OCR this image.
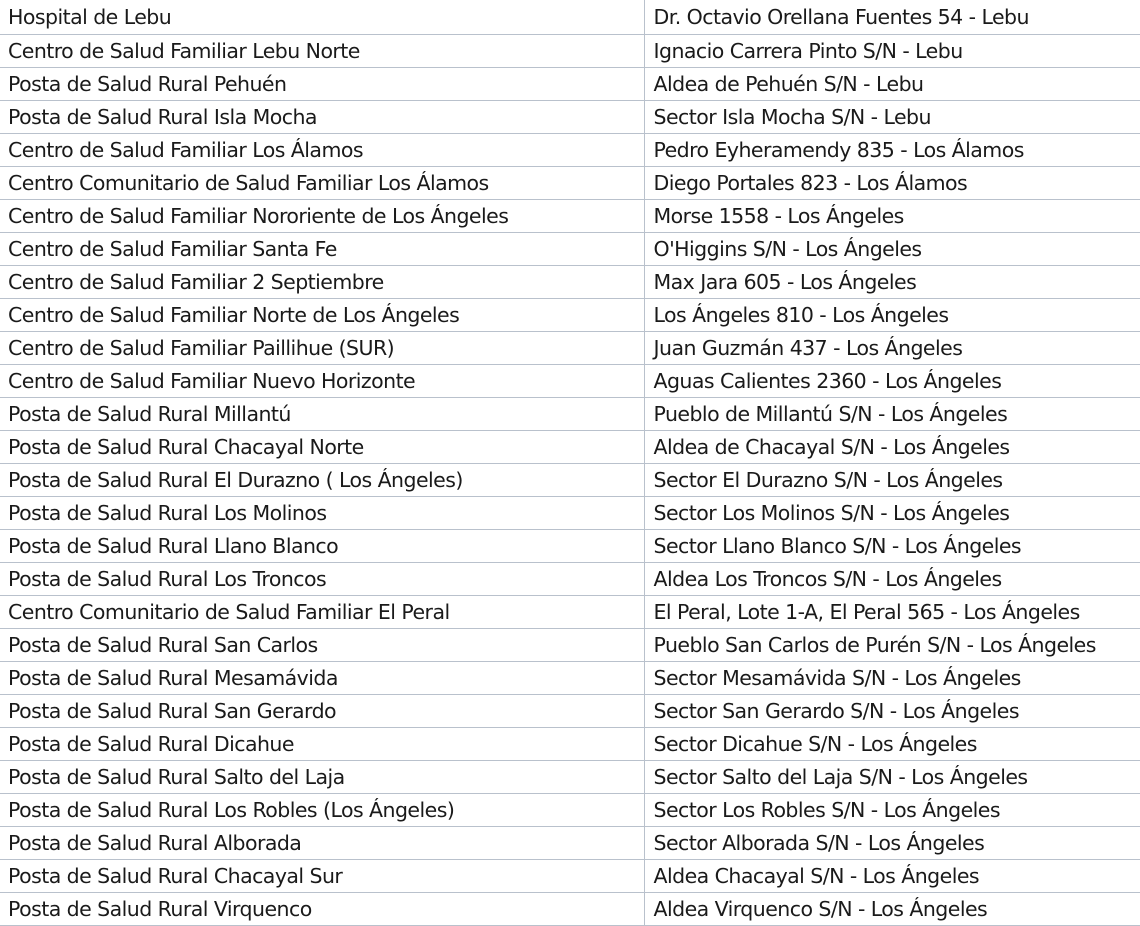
Hospital de Lebu	Dr. Octavio Orellana Fuentes 54 - Lebu
Centro de Salud Familiar Lebu Norte	Ignacio Carrera Pinto S/N - Lebu
Posta de Salud Rural Pehuén	Aldea de Pehuén S/N - Lebu
Posta de Salud Rural Isla Mocha	Sector Isla Mocha S/N - Lebu
Centro de Salud Familiar Los Álamos	Pedro Eyheramendy 835 - Los Álamos
Centro Comunitario de Salud Familiar Los Álamos	Diego Portales 823 - Los Álamos
Centro de Salud Familiar Nororiente de Los Ángeles	Morse 1558 - Los Ángeles
Centro de Salud Familiar Santa Fe	O'Higgins S/N - Los Ángeles
Centro de Salud Familiar 2 Septiembre	Max Jara 605 - Los Ángeles
Centro de Salud Familiar Norte de Los Ángeles	Los Ángeles 810 - Los Ángeles
Centro de Salud Familiar Paillihue (SUR)	Juan Guzmán 437 - Los Ángeles
Centro de Salud Familiar Nuevo Horizonte	Aguas Calientes 2360 - Los Ángeles
Posta de Salud Rural Millantú	Pueblo de Millantú S/N - Los Ángeles
Posta de Salud Rural Chacayal Norte	Aldea de Chacayal S/N - Los Ángeles
Posta de Salud Rural El Durazno ( Los Ángeles)	Sector El Durazno S/N - Los Ángeles
Posta de Salud Rural Los Molinos	Sector Los Molinos S/N - Los Ángeles
Posta de Salud Rural Llano Blanco	Sector Llano Blanco S/N - Los Ángeles
Posta de Salud Rural Los Troncos	Aldea Los Troncos S/N - Los Ángeles
Centro Comunitario de Salud Familiar El Peral	El Peral, Lote 1-A, El Peral 565 - Los Ángeles
Posta de Salud Rural San Carlos	Pueblo San Carlos de Purén S/N - Los Ángeles
Posta de Salud Rural Mesamávida	Sector Mesamávida S/N - Los Ángeles
Posta de Salud Rural San Gerardo	Sector San Gerardo S/N - Los Ángeles
Posta de Salud Rural Dicahue	Sector Dicahue S/N - Los Ángeles
Posta de Salud Rural Salto del Laja	Sector Salto del Laja S/N - Los Ángeles
Posta de Salud Rural Los Robles (Los Ángeles)	Sector Los Robles S/N - Los Ángeles
Posta de Salud Rural Alborada	Sector Alborada S/N - Los Ángeles
Posta de Salud Rural Chacayal Sur	Aldea Chacayal S/N - Los Ángeles
Posta de Salud Rural Virquenco	Aldea Virquenco S/N - Los Ángeles
